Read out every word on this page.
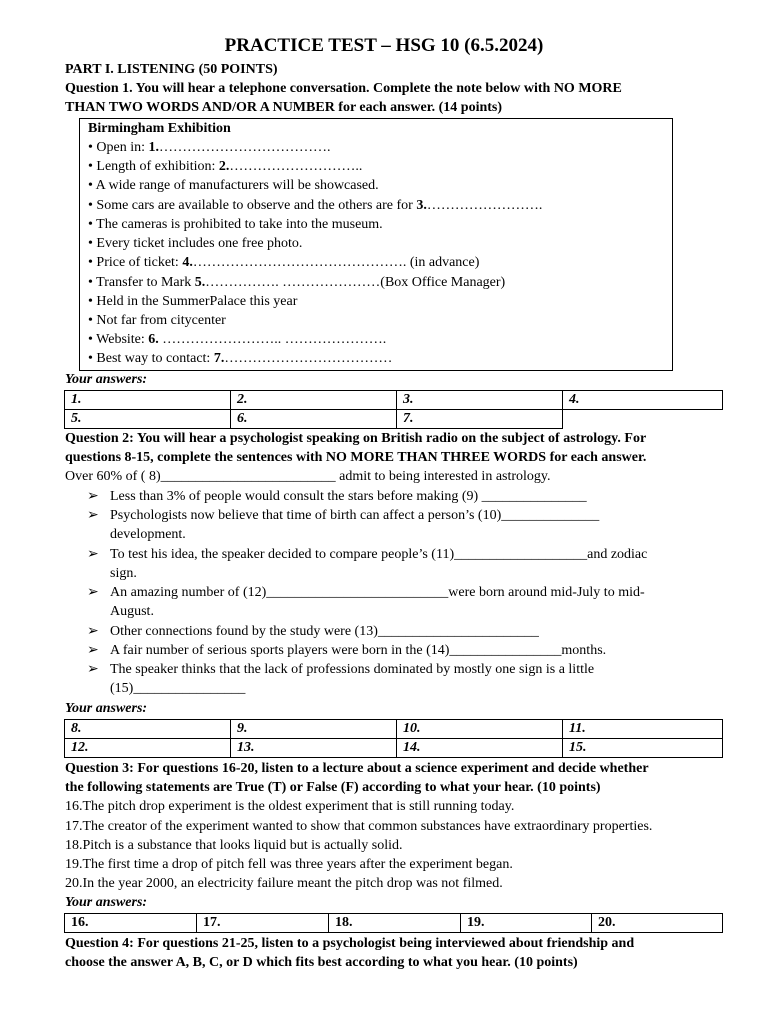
PRACTICE TEST – HSG 10 (6.5.2024)
PART I. LISTENING (50 POINTS)
Question 1. You will hear a telephone conversation. Complete the note below with NO MORE
THAN TWO WORDS AND/OR A NUMBER for each answer. (14 points)
Birmingham Exhibition
• Open in: 1.……………………………….
• Length of exhibition: 2.………………………..
• A wide range of manufacturers will be showcased.
• Some cars are available to observe and the others are for 3.…………………….
• The cameras is prohibited to take into the museum.
• Every ticket includes one free photo.
• Price of ticket: 4.………………………………………. (in advance)
• Transfer to Mark 5.……………. …………………(Box Office Manager)
• Held in the SummerPalace this year
• Not far from citycenter
• Website: 6. …………………….. ………………….
• Best way to contact: 7.………………………………
Your answers:
1.	2.	3.	4.
5.	6.	7.	
Question 2: You will hear a psychologist speaking on British radio on the subject of astrology. For
questions 8-15, complete the sentences with NO MORE THAN THREE WORDS for each answer.
Over 60% of ( 8)_________________________ admit to being interested in astrology.
➢ Less than 3% of people would consult the stars before making (9) _______________
➢ Psychologists now believe that time of birth can affect a person’s (10)______________
development.
➢ To test his idea, the speaker decided to compare people’s (11)___________________and zodiac
sign.
➢ An amazing number of (12)__________________________were born around mid-July to mid-
August.
➢ Other connections found by the study were (13)_______________________
➢ A fair number of serious sports players were born in the (14)________________months.
➢ The speaker thinks that the lack of professions dominated by mostly one sign is a little
(15)________________
Your answers:
8.	9.	10.	11.
12.	13.	14.	15.
Question 3: For questions 16-20, listen to a lecture about a science experiment and decide whether
the following statements are True (T) or False (F) according to what your hear. (10 points)
16.The pitch drop experiment is the oldest experiment that is still running today.
17.The creator of the experiment wanted to show that common substances have extraordinary properties.
18.Pitch is a substance that looks liquid but is actually solid.
19.The first time a drop of pitch fell was three years after the experiment began.
20.In the year 2000, an electricity failure meant the pitch drop was not filmed.
Your answers:
16.	17.	18.	19.	20.
Question 4: For questions 21-25, listen to a psychologist being interviewed about friendship and
choose the answer A, B, C, or D which fits best according to what you hear. (10 points)
